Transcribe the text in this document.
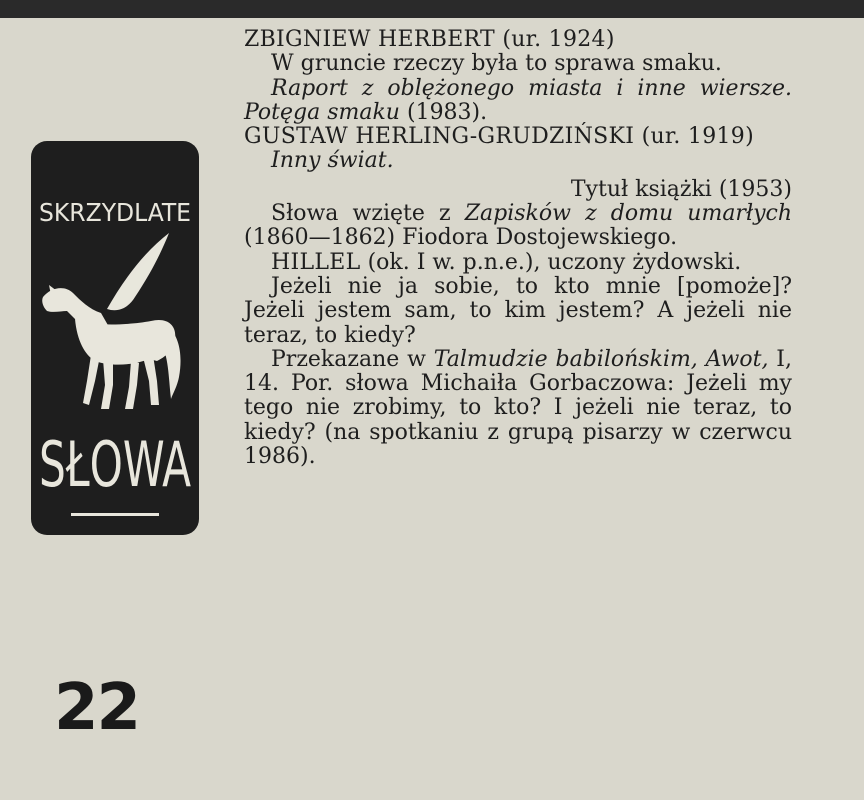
SKRZYDLATE
SŁOWA
22

ZBIGNIEW HERBERT (ur. 1924)

W gruncie rzeczy była to sprawa smaku.

Raport z oblężonego miasta i inne wiersze. Potęga smaku (1983).

GUSTAW HERLING-GRUDZIŃSKI (ur. 1919)

Inny świat.

Tytuł książki (1953)

Słowa wzięte z Zapisków z domu umarłych (1860—1862) Fiodora Dostojewskiego.

HILLEL (ok. I w. p.n.e.), uczony żydowski.

Jeżeli nie ja sobie, to kto mnie [pomoże]? Jeżeli jestem sam, to kim jestem? A jeżeli nie teraz, to kiedy?

Przekazane w Talmudzie babilońskim, Awot, I, 14. Por. słowa Michaiła Gorbaczowa: Jeżeli my tego nie zrobimy, to kto? I jeżeli nie teraz, to kiedy? (na spotkaniu z grupą pisarzy w czerwcu 1986).
